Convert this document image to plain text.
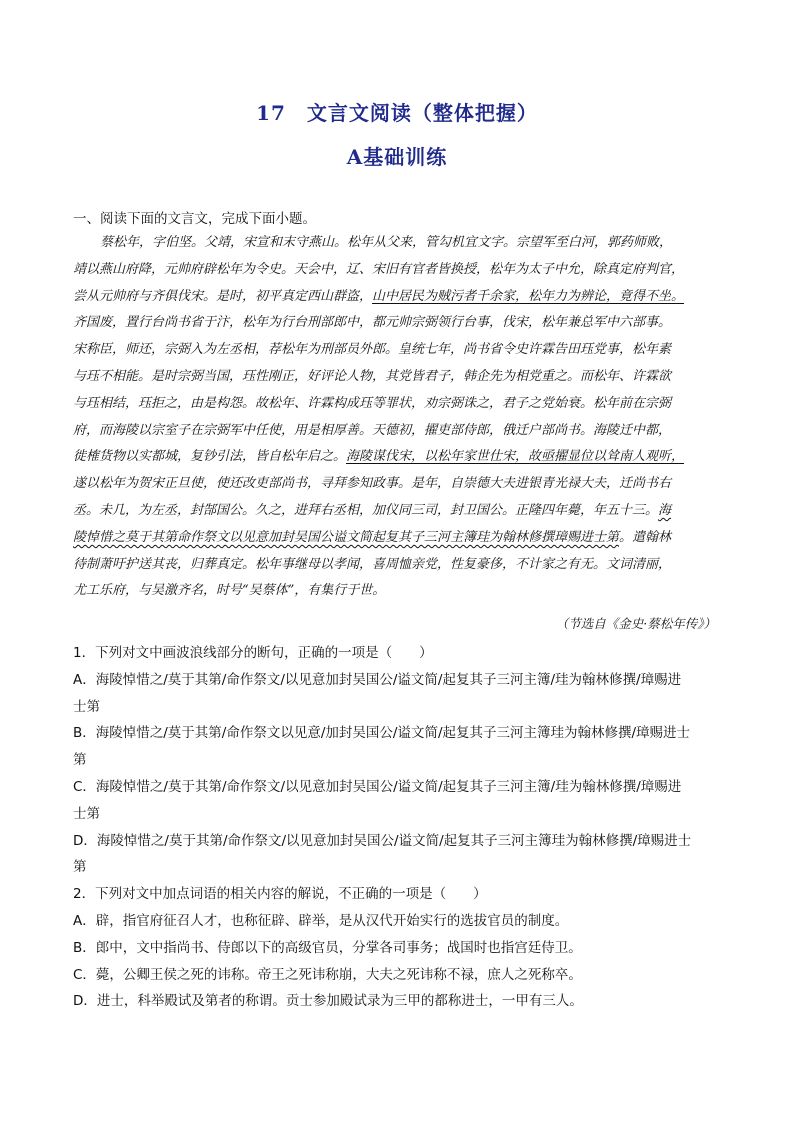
17　文言文阅读（整体把握）
A基础训练
一、阅读下面的文言文，完成下面小题。
蔡松年，字伯坚。父靖，宋宣和末守燕山。松年从父来，管勾机宜文字。宗望军至白河，郭药师败，
靖以燕山府降，元帅府辟松年为令史。天会中，辽、宋旧有官者皆换授，松年为太子中允，除真定府判官，
尝从元帅府与齐俱伐宋。是时，初平真定西山群盗，山中居民为贼污者千余家，松年力为辨论，竟得不坐。
齐国废，置行台尚书省于汴，松年为行台刑部郎中，都元帅宗弼领行台事，伐宋，松年兼总军中六部事。
宋称臣，师还，宗弼入为左丞相，荐松年为刑部员外郎。皇统七年，尚书省令史许霖告田珏党事，松年素
与珏不相能。是时宗弼当国，珏性刚正，好评论人物，其党皆君子，韩企先为相党重之。而松年、许霖欲
与珏相结，珏拒之，由是构怨。故松年、许霖构成珏等罪状，劝宗弼诛之，君子之党始衰。松年前在宗弼
府，而海陵以宗室子在宗弼军中任使，用是相厚善。天德初，擢吏部侍郎，俄迁户部尚书。海陵迁中都，
徙榷货物以实都城，复钞引法，皆自松年启之。海陵谋伐宋，以松年家世仕宋，故亟擢显位以耸南人观听，
遂以松年为贺宋正旦使，使还改吏部尚书，寻拜参知政事。是年，自崇德大夫进银青光禄大夫，迁尚书右
丞。未几，为左丞，封郜国公。久之，进拜右丞相，加仪同三司，封卫国公。正隆四年薨，年五十三。海
陵悼惜之莫于其第命作祭文以见意加封吴国公谥文简起复其子三河主簿珪为翰林修撰璋赐进士第。遣翰林
待制萧吁护送其丧，归葬真定。松年事继母以孝闻，喜周恤亲党，性复豪侈，不计家之有无。文词清丽，
尤工乐府，与吴激齐名，时号“吴蔡体”，有集行于世。
（节选自《金史·蔡松年传》）
1．下列对文中画波浪线部分的断句，正确的一项是（　　）
A．海陵悼惜之/莫于其第/命作祭文/以见意加封吴国公/谥文简/起复其子三河主簿/珪为翰林修撰/璋赐进
士第
B．海陵悼惜之/莫于其第/命作祭文以见意/加封吴国公/谥文简/起复其子三河主簿珪为翰林修撰/璋赐进士
第
C．海陵悼惜之/莫于其第/命作祭文/以见意加封吴国公/谥文简/起复其子三河主簿/珪为翰林修撰/璋赐进
士第
D．海陵悼惜之/莫于其第/命作祭文/以见意加封吴国公/谥文简/起复其子三河主簿珪为翰林修撰/璋赐进士
第
2．下列对文中加点词语的相关内容的解说，不正确的一项是（　　）
A．辟，指官府征召人才，也称征辟、辟举，是从汉代开始实行的选拔官员的制度。
B．郎中，文中指尚书、侍郎以下的高级官员，分掌各司事务；战国时也指宫廷侍卫。
C．薨，公卿王侯之死的讳称。帝王之死讳称崩，大夫之死讳称不禄，庶人之死称卒。
D．进士，科举殿试及第者的称谓。贡士参加殿试录为三甲的都称进士，一甲有三人。
